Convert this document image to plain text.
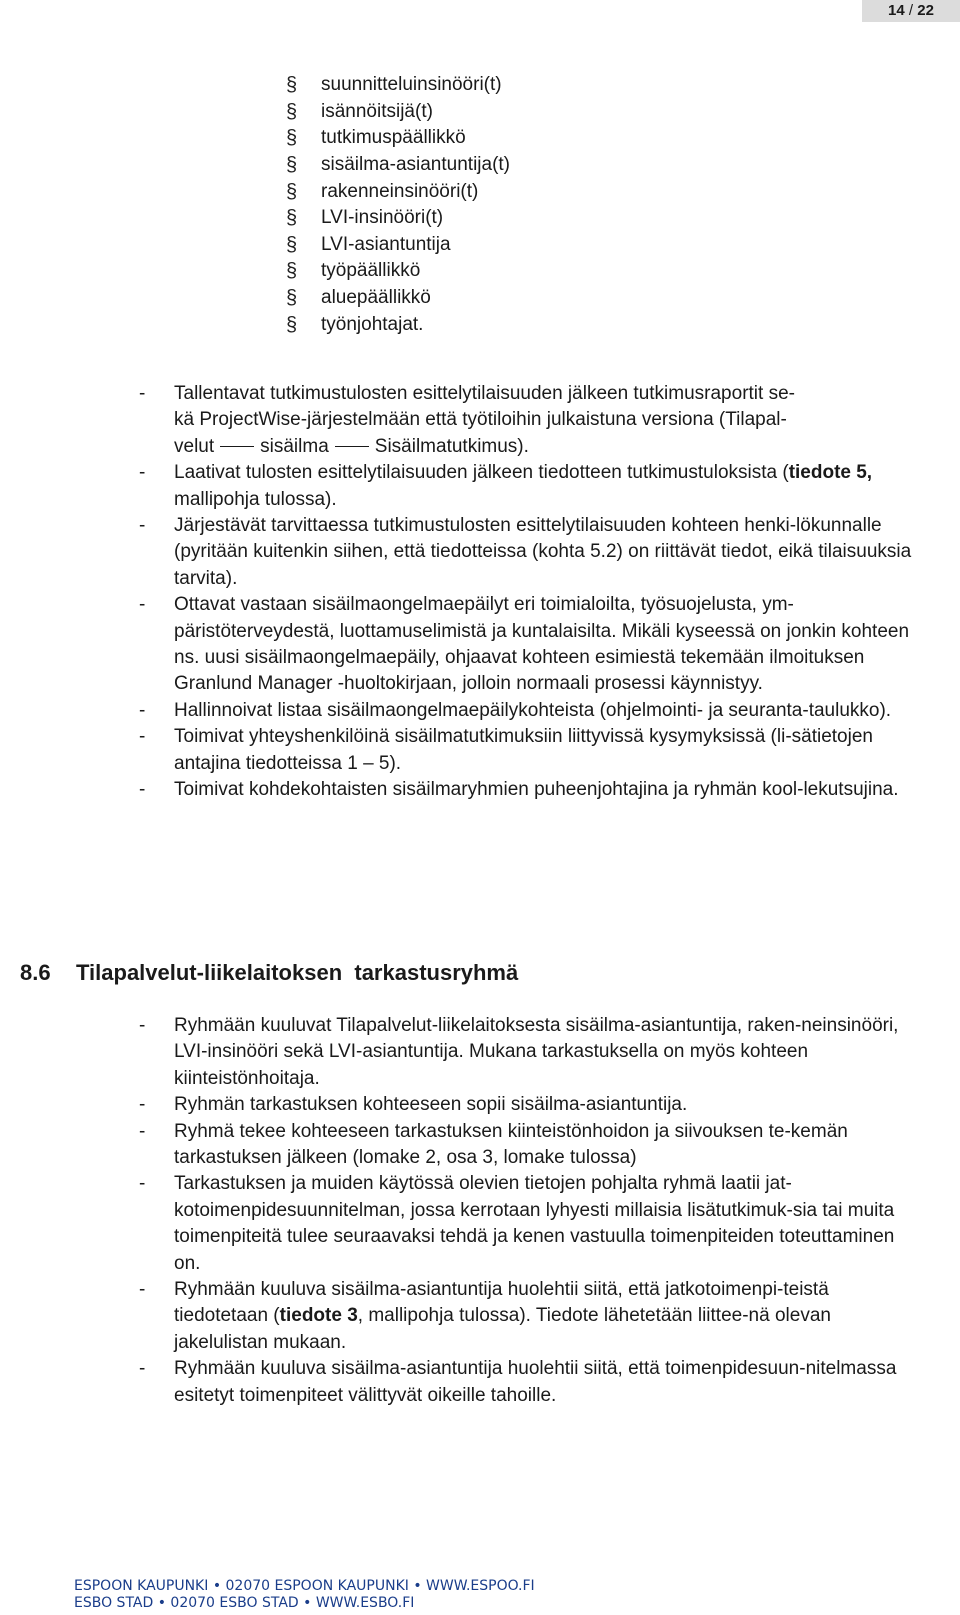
14 / 22
§	suunnitteluinsinööri(t)
§	isännöitsijä(t)
§	tutkimuspäällikkö
§	sisäilma-asiantuntija(t)
§	rakenneinsinööri(t)
§	LVI-insinööri(t)
§	LVI-asiantuntija
§	työpäällikkö
§	aluepäällikkö
§	työnjohtajat.
- Tallentavat tutkimustulosten esittelytilaisuuden jälkeen tutkimusraportit se-
kä ProjectWise-järjestelmään että työtiloihin julkaistuna versiona (Tilapal-
velut sisäilma Sisäilmatutkimus).
- Laativat tulosten esittelytilaisuuden jälkeen tiedotteen tutkimustuloksista (tiedote 5, mallipohja tulossa).
- Järjestävät tarvittaessa tutkimustulosten esittelytilaisuuden kohteen henki-lökunnalle (pyritään kuitenkin siihen, että tiedotteissa (kohta 5.2) on riittävät tiedot, eikä tilaisuuksia tarvita).
- Ottavat vastaan sisäilmaongelmaepäilyt eri toimialoilta, työsuojelusta, ym-päristöterveydestä, luottamuselimistä ja kuntalaisilta. Mikäli kyseessä on jonkin kohteen ns. uusi sisäilmaongelmaepäily, ohjaavat kohteen esimiestä tekemään ilmoituksen Granlund Manager -huoltokirjaan, jolloin normaali prosessi käynnistyy.
- Hallinnoivat listaa sisäilmaongelmaepäilykohteista (ohjelmointi- ja seuranta-taulukko).
- Toimivat yhteyshenkilöinä sisäilmatutkimuksiin liittyvissä kysymyksissä (li-sätietojen antajina tiedotteissa 1 – 5).
- Toimivat kohdekohtaisten sisäilmaryhmien puheenjohtajina ja ryhmän kool-lekutsujina.
8.6	Tilapalvelut-liikelaitoksen  tarkastusryhmä
- Ryhmään kuuluvat Tilapalvelut-liikelaitoksesta sisäilma-asiantuntija, raken-neinsinööri, LVI-insinööri sekä LVI-asiantuntija. Mukana tarkastuksella on myös kohteen kiinteistönhoitaja.
- Ryhmän tarkastuksen kohteeseen sopii sisäilma-asiantuntija.
- Ryhmä tekee kohteeseen tarkastuksen kiinteistönhoidon ja siivouksen te-kemän tarkastuksen jälkeen (lomake 2, osa 3, lomake tulossa)
- Tarkastuksen ja muiden käytössä olevien tietojen pohjalta ryhmä laatii jat-kotoimenpidesuunnitelman, jossa kerrotaan lyhyesti millaisia lisätutkimuk-sia tai muita toimenpiteitä tulee seuraavaksi tehdä ja kenen vastuulla toimenpiteiden toteuttaminen on.
- Ryhmään kuuluva sisäilma-asiantuntija huolehtii siitä, että jatkotoimenpi-teistä tiedotetaan (tiedote 3, mallipohja tulossa). Tiedote lähetetään liittee-nä olevan jakelulistan mukaan.
- Ryhmään kuuluva sisäilma-asiantuntija huolehtii siitä, että toimenpidesuun-nitelmassa esitetyt toimenpiteet välittyvät oikeille tahoille.
ESPOON KAUPUNKI • 02070 ESPOON KAUPUNKI • WWW.ESPOO.FI
ESBO STAD • 02070 ESBO STAD • WWW.ESBO.FI
